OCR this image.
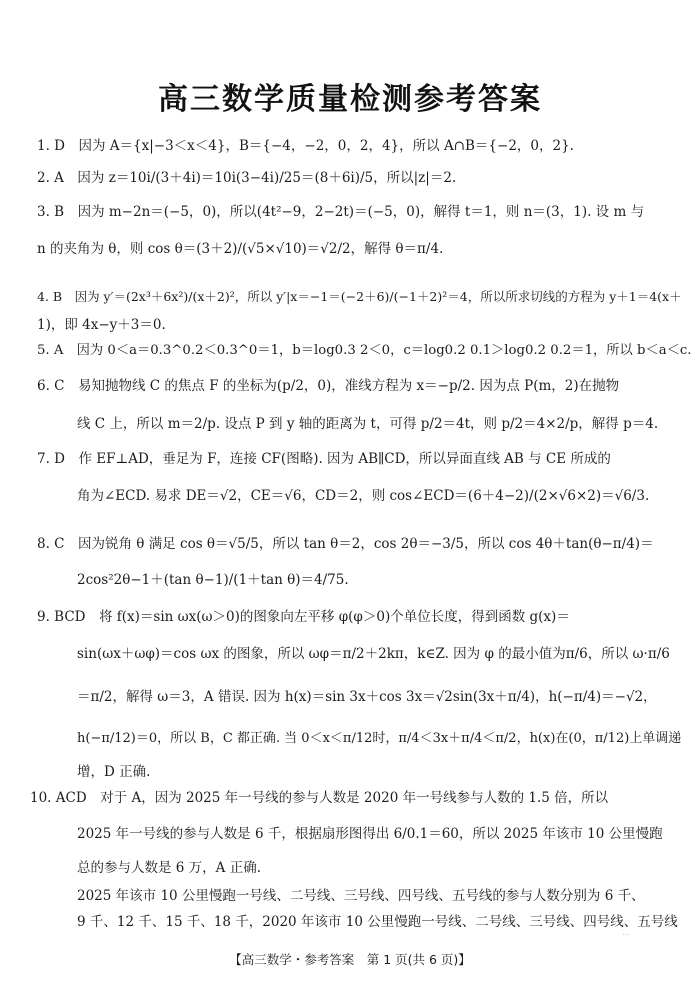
高三数学质量检测参考答案
1. D　因为 A＝{x|−3＜x＜4}，B＝{−4，−2，0，2，4}，所以 A∩B＝{−2，0，2}.
2. A　因为 z＝10i/(3＋4i)＝10i(3−4i)/25＝(8＋6i)/5，所以|z|＝2.
3. B　因为 m−2n＝(−5，0)，所以(4t²−9，2−2t)＝(−5，0)，解得 t＝1，则 n＝(3，1). 设 m 与
n 的夹角为 θ，则 cos θ＝(3＋2)/(√5×√10)＝√2/2，解得 θ＝π/4.
4. B　因为 y′＝(2x³＋6x²)/(x＋2)²，所以 y′|x＝−1＝(−2＋6)/(−1＋2)²＝4，所以所求切线的方程为 y＋1＝4(x＋
1)，即 4x−y＋3＝0.
5. A　因为 0＜a＝0.3^0.2＜0.3^0＝1，b＝log0.3 2＜0，c＝log0.2 0.1＞log0.2 0.2＝1，所以 b＜a＜c.
6. C　易知抛物线 C 的焦点 F 的坐标为(p/2，0)，准线方程为 x＝−p/2. 因为点 P(m，2)在抛物
线 C 上，所以 m＝2/p. 设点 P 到 y 轴的距离为 t，可得 p/2＝4t，则 p/2＝4×2/p，解得 p＝4.
7. D　作 EF⊥AD，垂足为 F，连接 CF(图略). 因为 AB∥CD，所以异面直线 AB 与 CE 所成的
角为∠ECD. 易求 DE＝√2，CE＝√6，CD＝2，则 cos∠ECD＝(6＋4−2)/(2×√6×2)＝√6/3.
8. C　因为锐角 θ 满足 cos θ＝√5/5，所以 tan θ＝2，cos 2θ＝−3/5，所以 cos 4θ＋tan(θ−π/4)＝
2cos²2θ−1＋(tan θ−1)/(1＋tan θ)＝4/75.
9. BCD　将 f(x)＝sin ωx(ω＞0)的图象向左平移 φ(φ＞0)个单位长度，得到函数 g(x)＝
sin(ωx＋ωφ)＝cos ωx 的图象，所以 ωφ＝π/2＋2kπ，k∈Z. 因为 φ 的最小值为π/6，所以 ω·π/6
＝π/2，解得 ω＝3，A 错误. 因为 h(x)＝sin 3x＋cos 3x＝√2sin(3x＋π/4)，h(−π/4)＝−√2，
h(−π/12)＝0，所以 B，C 都正确. 当 0＜x＜π/12时，π/4＜3x＋π/4＜π/2，h(x)在(0，π/12)上单调递
增，D 正确.
10. ACD　对于 A，因为 2025 年一号线的参与人数是 2020 年一号线参与人数的 1.5 倍，所以
2025 年一号线的参与人数是 6 千，根据扇形图得出 6/0.1＝60，所以 2025 年该市 10 公里慢跑
总的参与人数是 6 万，A 正确.
2025 年该市 10 公里慢跑一号线、二号线、三号线、四号线、五号线的参与人数分别为 6 千、
9 千、12 千、15 千、18 千，2020 年该市 10 公里慢跑一号线、二号线、三号线、四号线、五号线
...
【高三数学・参考答案　第 1 页(共 6 页)】
